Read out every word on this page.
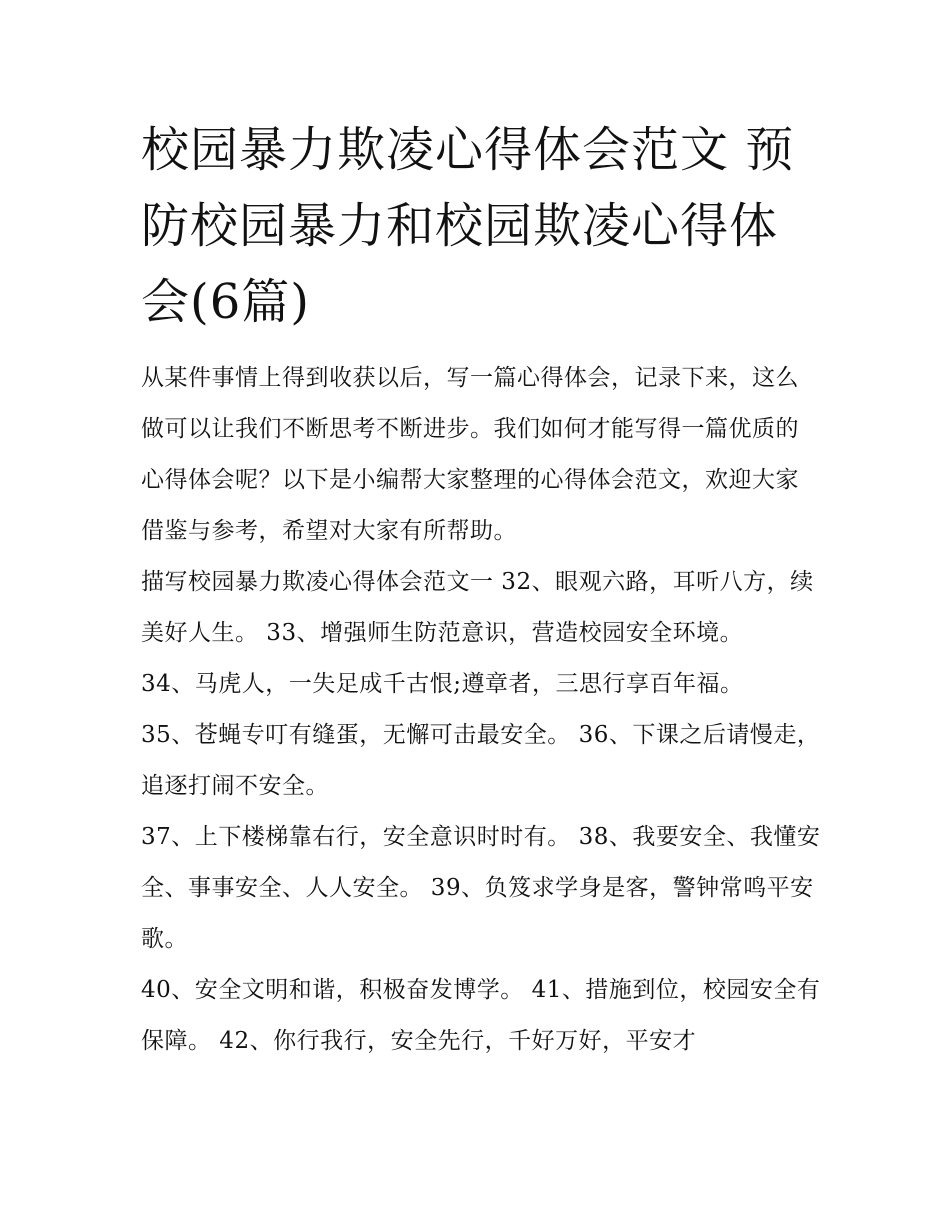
校园暴力欺凌心得体会范文 预防校园暴力和校园欺凌心得体会(6篇)

从某件事情上得到收获以后，写一篇心得体会，记录下来，这么做可以让我们不断思考不断进步。我们如何才能写得一篇优质的心得体会呢？以下是小编帮大家整理的心得体会范文，欢迎大家借鉴与参考，希望对大家有所帮助。

描写校园暴力欺凌心得体会范文一 32、眼观六路，耳听八方，续美好人生。 33、增强师生防范意识，营造校园安全环境。

34、马虎人，一失足成千古恨;遵章者，三思行享百年福。

35、苍蝇专叮有缝蛋，无懈可击最安全。 36、下课之后请慢走，追逐打闹不安全。

37、上下楼梯靠右行，安全意识时时有。 38、我要安全、我懂安全、事事安全、人人安全。 39、负笈求学身是客，警钟常鸣平安歌。

40、安全文明和谐，积极奋发博学。 41、措施到位，校园安全有保障。 42、你行我行，安全先行，千好万好，平安才
